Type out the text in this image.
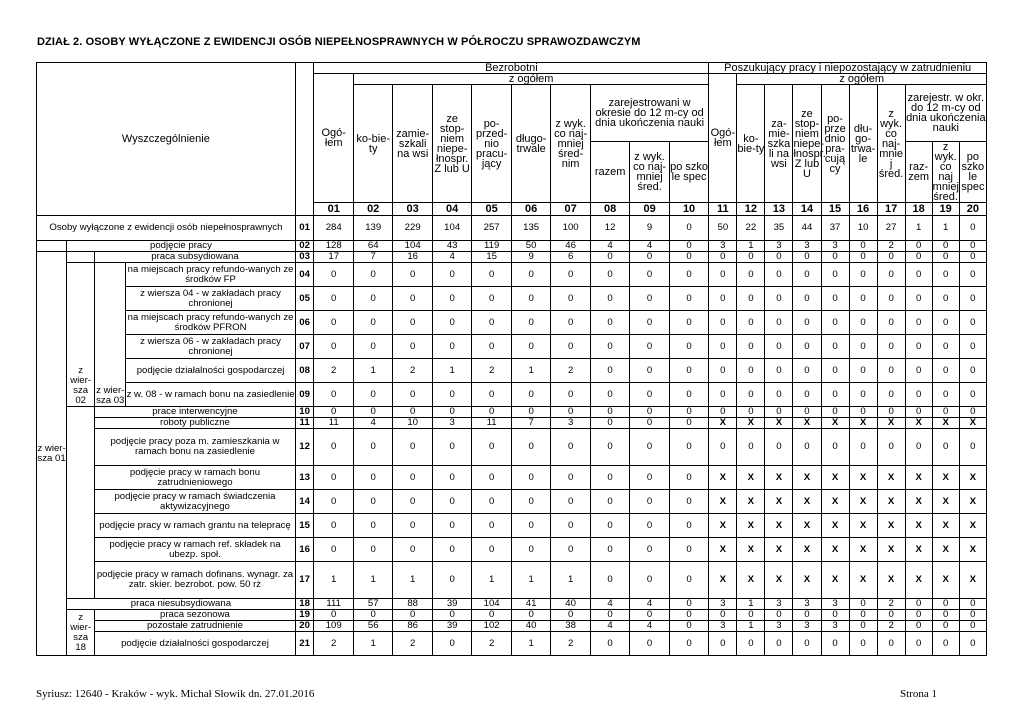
DZIAŁ 2. OSOBY WYŁĄCZONE Z EWIDENCJI OSÓB NIEPEŁNOSPRAWNYCH W PÓŁROCZU SPRAWOZDAWCZYM
Wyszczególnienie					Bezrobotni										Poszukujący pracy i niepozostający w zatrudnieniu									
					Ogó-łem	z ogółem									Ogó-łem	z ogółem								
						ko-bie-ty	zamie-szkali na wsi	ze stop-niem niepe-łnospr. Z lub U	po-przed-nio pracu-jący	długo-trwale	z wyk. co naj-mniej śred-nim	zarejestrowani w okresie do 12 m-cy od dnia ukończenia nauki				ko-bie-ty	za-mie-szka li na wsi	ze stop-niem niepe-łnospr. Z lub U	po-prze dnio pra-cują cy	dłu-go-trwa-le	z wyk. co naj-mnie j śred.	zarejestr. w okr. do 12 m-cy od dnia ukończenia nauki		
												razem	z wyk. co naj-mniej śred.	po szko le spec								raz-zem	z wyk. co naj mniej śred.	po szko le spec
					01	02	03	04	05	06	07	08	09	10	11	12	13	14	15	16	17	18	19	20
Osoby wyłączone z ewidencji osób niepełnosprawnych				01	284	139	229	104	257	135	100	12	9	0	50	22	35	44	37	10	27	1	1	0
	podjęcie pracy			02	128	64	104	43	119	50	46	4	4	0	3	1	3	3	3	0	2	0	0	0
z wier-sza 01		praca subsydiowana		03	17	7	16	4	15	9	6	0	0	0	0	0	0	0	0	0	0	0	0	0
	z wier-sza 02	z wier-sza 03	na miejscach pracy refundo-wanych ze środków FP	04	0	0	0	0	0	0	0	0	0	0	0	0	0	0	0	0	0	0	0	0
			z wiersza 04 - w zakładach pracy chronionej	05	0	0	0	0	0	0	0	0	0	0	0	0	0	0	0	0	0	0	0	0
			na miejscach pracy refundo-wanych ze środków PFRON	06	0	0	0	0	0	0	0	0	0	0	0	0	0	0	0	0	0	0	0	0
			z wiersza 06 - w zakładach pracy chronionej	07	0	0	0	0	0	0	0	0	0	0	0	0	0	0	0	0	0	0	0	0
			podjęcie działalności gospodarczej	08	2	1	2	1	2	1	2	0	0	0	0	0	0	0	0	0	0	0	0	0
			z w. 08 - w ramach bonu na zasiedlenie	09	0	0	0	0	0	0	0	0	0	0	0	0	0	0	0	0	0	0	0	0
		prace interwencyjne		10	0	0	0	0	0	0	0	0	0	0	0	0	0	0	0	0	0	0	0	0
		roboty publiczne		11	11	4	10	3	11	7	3	0	0	0	X	X	X	X	X	X	X	X	X	X
		podjęcie pracy poza m. zamieszkania w ramach bonu na zasiedlenie		12	0	0	0	0	0	0	0	0	0	0	0	0	0	0	0	0	0	0	0	0
		podjęcie pracy w ramach bonu zatrudnieniowego		13	0	0	0	0	0	0	0	0	0	0	X	X	X	X	X	X	X	X	X	X
		podjęcie pracy w ramach świadczenia aktywizacyjnego		14	0	0	0	0	0	0	0	0	0	0	X	X	X	X	X	X	X	X	X	X
		podjęcie pracy w ramach grantu na telepracę		15	0	0	0	0	0	0	0	0	0	0	X	X	X	X	X	X	X	X	X	X
		podjęcie pracy w ramach ref. składek na ubezp. społ.		16	0	0	0	0	0	0	0	0	0	0	X	X	X	X	X	X	X	X	X	X
		podjęcie pracy w ramach dofinans. wynagr. za zatr. skier. bezrobot. pow. 50 rż		17	1	1	1	0	1	1	1	0	0	0	X	X	X	X	X	X	X	X	X	X
	praca niesubsydiowana			18	111	57	88	39	104	41	40	4	4	0	3	1	3	3	3	0	2	0	0	0
	z wier-sza 18	praca sezonowa		19	0	0	0	0	0	0	0	0	0	0	0	0	0	0	0	0	0	0	0	0
		pozostałe zatrudnienie		20	109	56	86	39	102	40	38	4	4	0	3	1	3	3	3	0	2	0	0	0
		podjęcie działalności gospodarczej		21	2	1	2	0	2	1	2	0	0	0	0	0	0	0	0	0	0	0	0	0
Syriusz: 12640 - Kraków - wyk. Michał Słowik dn. 27.01.2016	Strona 1
